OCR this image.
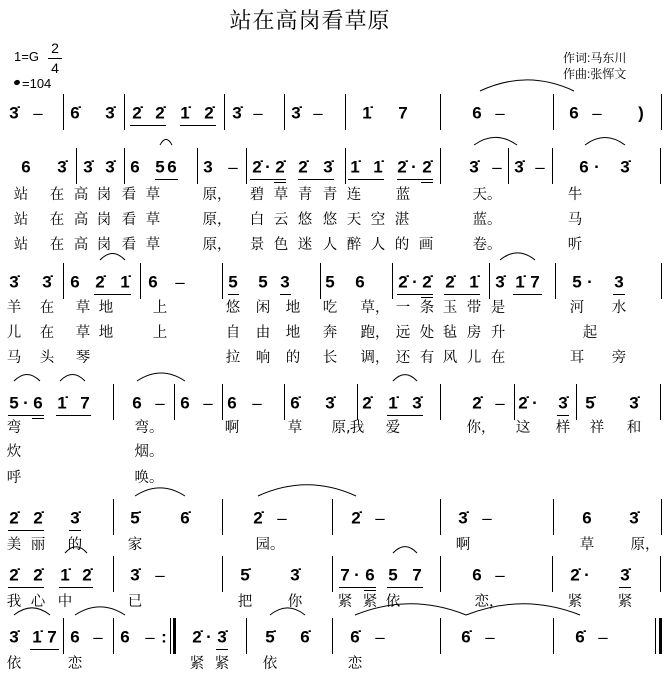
站在高岗看草原
1=G
2
4
=104
作词:马东川
作曲:张恽文
3̇ – 6̇ 3̇ 2̇ 2̇ 1̇ 2̇ 3̇ – 3̇ – 1̇ 7	6 –	6 – )
6 3̇ 3̇ 3̇ 6 5 6 3 – 2̇ · 2̇ 2̇ 3̇ 1̇ 1̇ 2̇ · 2̇ 3̇ – 3̇ – 6 · 3̇
站 在 高 岗 看 草	原， 碧 草 青 青 连 蓝	天。	牛
站 在 高 岗 看 草	原， 白 云 悠 悠 天 空 湛	蓝。	马
站 在 高 岗 看 草	原， 景 色 迷 人 醉 人 的 画	卷。	听
3̇ 3̇ 6 2̇ 1̇ 6 –	5 5 3 5 6 2̇ · 2̇ 2̇ 1̇ 3̇ 1̇ 7 5 · 3
羊 在 草 地	上	悠 闲 地 吃 草， 一 条 玉 带 是	河 水
儿 在 草 地	上	自 由 地 奔 跑， 远 处 毡 房 升	起
马 头 琴	拉 响 的 长 调， 还 有 风 儿 在	耳 旁
5 · 6 1̇ 7	6 – 6 – 6 – 6̇ 3̇ 2̇ 1̇ 3̇	2̇ – 2̇ · 3̇ 5̇ 3̇
弯	弯。	啊	草 原, 我 爱	你， 这 样 祥 和
炊	烟。
呼	唤。
2̇ 2̇ 3̇	5̇ 6̇	2̇ –	2̇ –	3̇ –	6 3̇
美 丽 的	家	园。	啊	草	原，
2̇ 2̇ 1̇ 2̇ 3̇ –	5̇ 3̇ 7 · 6 5 7	6 –	2̇ · 3̇
我 心 中	已	把 你 紧 紧 依	恋，	紧 紧
3̇ 1̇ 7 6 – 6 – : 2̇ · 3̇ 5̇ 6̇ 6̇ –	6̇ –	6̇ –
依	恋	紧 紧 依	恋
